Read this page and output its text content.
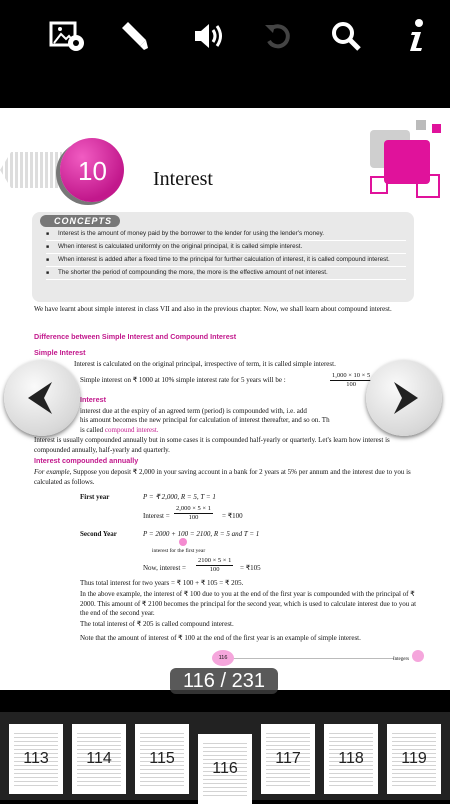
10 Interest
■ Interest is the amount of money paid by the borrower to the lender for using the lender's money.
■ When interest is calculated uniformly on the original principal, it is called simple interest.
■ When interest is added after a fixed time to the principal for further calculation of interest, it is called compound interest.
■ The shorter the period of compounding the more, the more is the effective amount of net interest.
CONCEPTS
We have learnt about simple interest in class VII and also in the previous chapter. Now, we shall learn about compound interest.
Difference between Simple Interest and Compound Interest
Simple Interest
Interest is calculated on the original principal, irrespective of term, it is called simple interest.
Simple interest on ₹ 1000 at 10% simple interest rate for 5 years will be :	$\frac{1,000 \times 10 \times 5}{100}$
Interest
interest due at the expiry of an agreed term (period) is compounded with, i.e. add
his amount becomes the new principal for calculation of interest thereafter, and so on. Th
is called compound interest.
Interest is usually compounded annually but in some cases it is compounded half-yearly or quarterly. Let's learn how interest is compounded annually, half-yearly and quarterly.
Interest compounded annually
For example, Suppose you deposit ₹ 2,000 in your saving account in a bank for 2 years at 5% per annum and the interest due to you is calculated as follows.
First year	P = ₹ 2,000, R = 5, T = 1
Interest = $\frac{2,000 \times 5 \times 1}{100}$ = ₹100
Second Year	P = 2000 + 100 = 2100, R = 5 and T = 1
interest for the first year
Now, interest = $\frac{2100 \times 5 \times 1}{100}$ = ₹105
Thus total interest for two years = ₹ 100 + ₹ 105 = ₹ 205.
In the above example, the interest of ₹ 100 due to you at the end of the first year is compounded with the principal of ₹ 2000. This amount of ₹ 2100 becomes the principal for the second year, which is used to calculate interest due to you at the end of the second year.
The total interest of ₹ 205 is called compound interest.
Note that the amount of interest of ₹ 100 at the end of the first year is an example of simple interest.
116	Integers
116 / 231
113	114	115
116
117	118	119
